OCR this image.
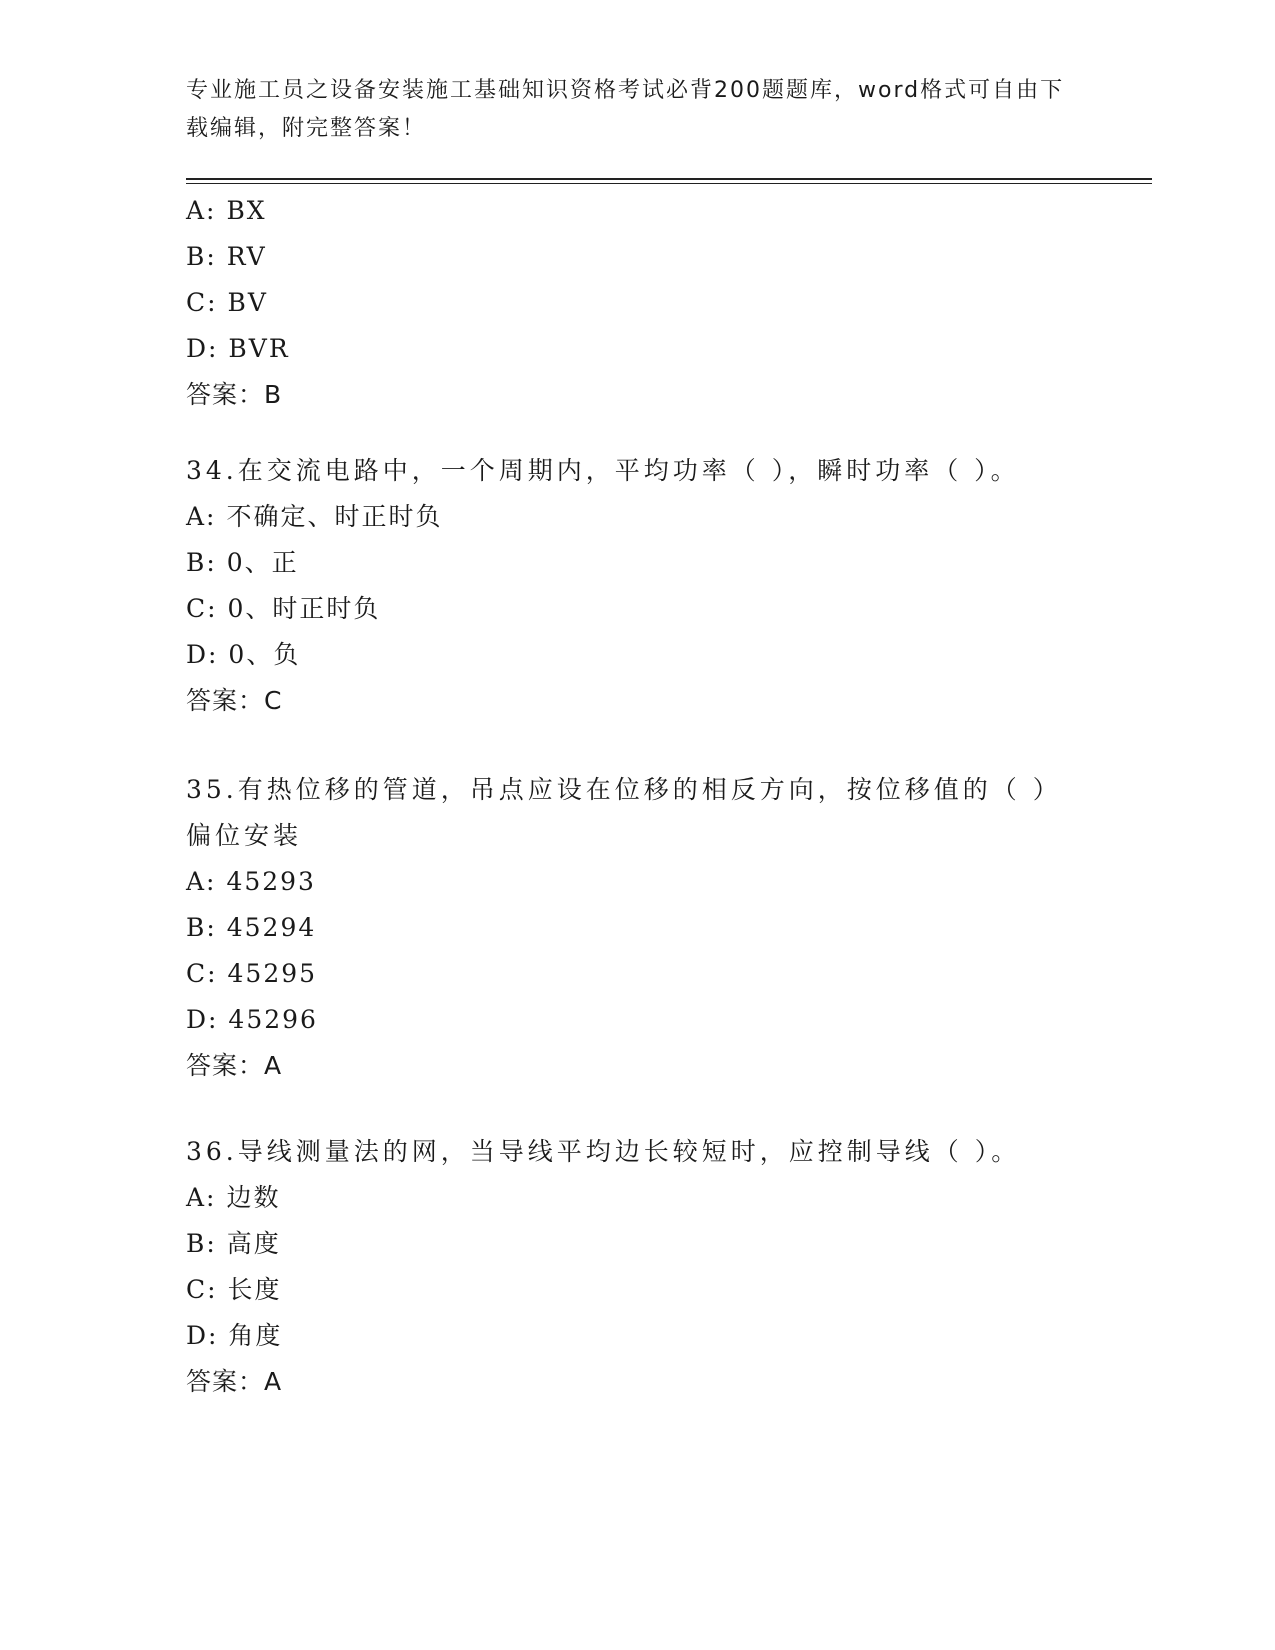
专业施工员之设备安装施工基础知识资格考试必背200题题库，word格式可自由下载编辑，附完整答案！
A: BX
B: RV
C: BV
D: BVR
答案：B
34.在交流电路中，一个周期内，平均功率（ ），瞬时功率（ ）。
A: 不确定、时正时负
B: 0、正
C: 0、时正时负
D: 0、负
答案：C
35.有热位移的管道，吊点应设在位移的相反方向，按位移值的（ ）偏位安装
A: 45293
B: 45294
C: 45295
D: 45296
答案：A
36.导线测量法的网，当导线平均边长较短时，应控制导线（ ）。
A: 边数
B: 高度
C: 长度
D: 角度
答案：A
